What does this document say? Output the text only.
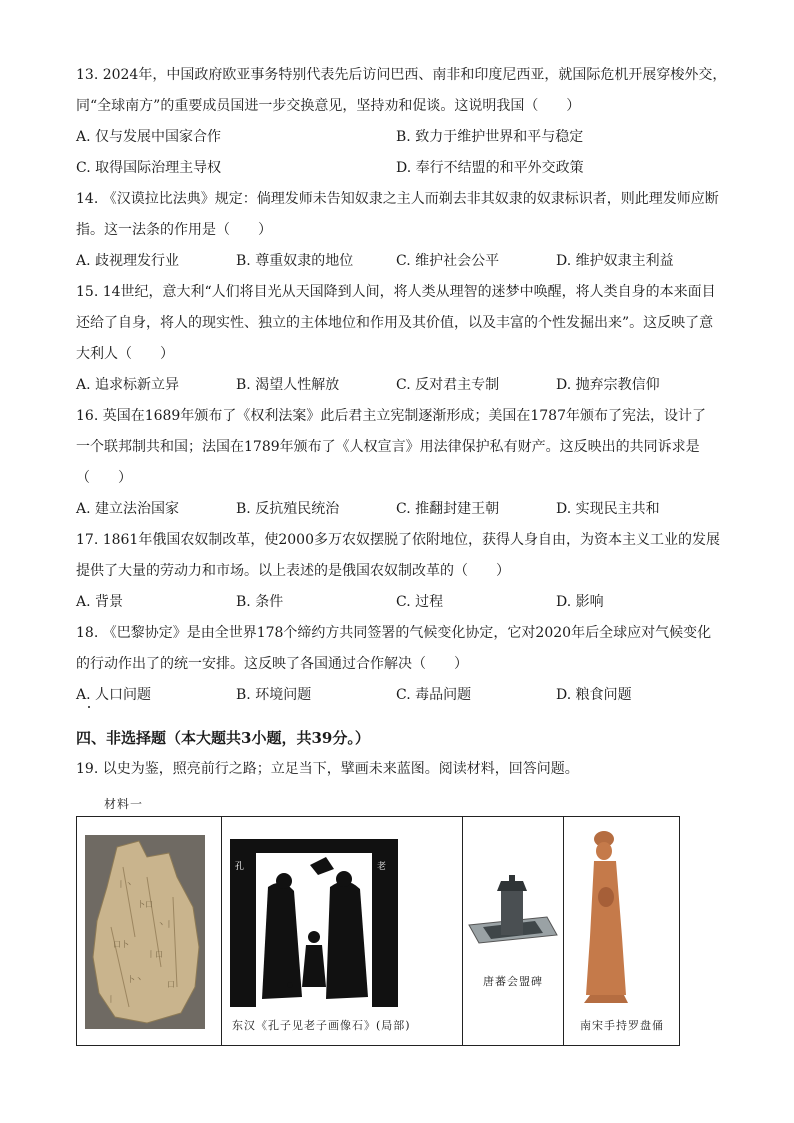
13. 2024年，中国政府欧亚事务特别代表先后访问巴西、南非和印度尼西亚，就国际危机开展穿梭外交，
同“全球南方”的重要成员国进一步交换意见，坚持劝和促谈。这说明我国（　　）
A. 仅与发展中国家合作	B. 致力于维护世界和平与稳定
C. 取得国际治理主导权	D. 奉行不结盟的和平外交政策
14. 《汉谟拉比法典》规定：倘理发师未告知奴隶之主人而剃去非其奴隶的奴隶标识者，则此理发师应断
指。这一法条的作用是（　　）
A. 歧视理发行业	B. 尊重奴隶的地位	C. 维护社会公平	D. 维护奴隶主利益
15. 14世纪，意大利“人们将目光从天国降到人间，将人类从理智的迷梦中唤醒，将人类自身的本来面目
还给了自身，将人的现实性、独立的主体地位和作用及其价值，以及丰富的个性发掘出来”。这反映了意
大利人（　　）
A. 追求标新立异	B. 渴望人性解放	C. 反对君主专制	D. 抛弃宗教信仰
16. 英国在1689年颁布了《权利法案》此后君主立宪制逐渐形成；美国在1787年颁布了宪法，设计了
一个联邦制共和国；法国在1789年颁布了《人权宣言》用法律保护私有财产。这反映出的共同诉求是
（　　）
A. 建立法治国家	B. 反抗殖民统治	C. 推翻封建王朝	D. 实现民主共和
17. 1861年俄国农奴制改革，使2000多万农奴摆脱了依附地位，获得人身自由，为资本主义工业的发展
提供了大量的劳动力和市场。以上表述的是俄国农奴制改革的（　　）
A. 背景	B. 条件	C. 过程	D. 影响
18. 《巴黎协定》是由全世界178个缔约方共同签署的气候变化协定，它对2020年后全球应对气候变化
的行动作出了的统一安排。这反映了各国通过合作解决（　　）
A. 人口问题	B. 环境问题	C. 毒品问题	D. 粮食问题
四、非选择题（本大题共3小题，共39分。）
19. 以史为鉴，照亮前行之路；立足当下，擘画未来蓝图。阅读材料，回答问题。
材料一
丨丶
卜口
丶丨
口卜
丨口
卜丶
口
丨
孔	老
东汉《孔子见老子画像石》(局部)
唐蕃会盟碑
南宋手持罗盘俑
